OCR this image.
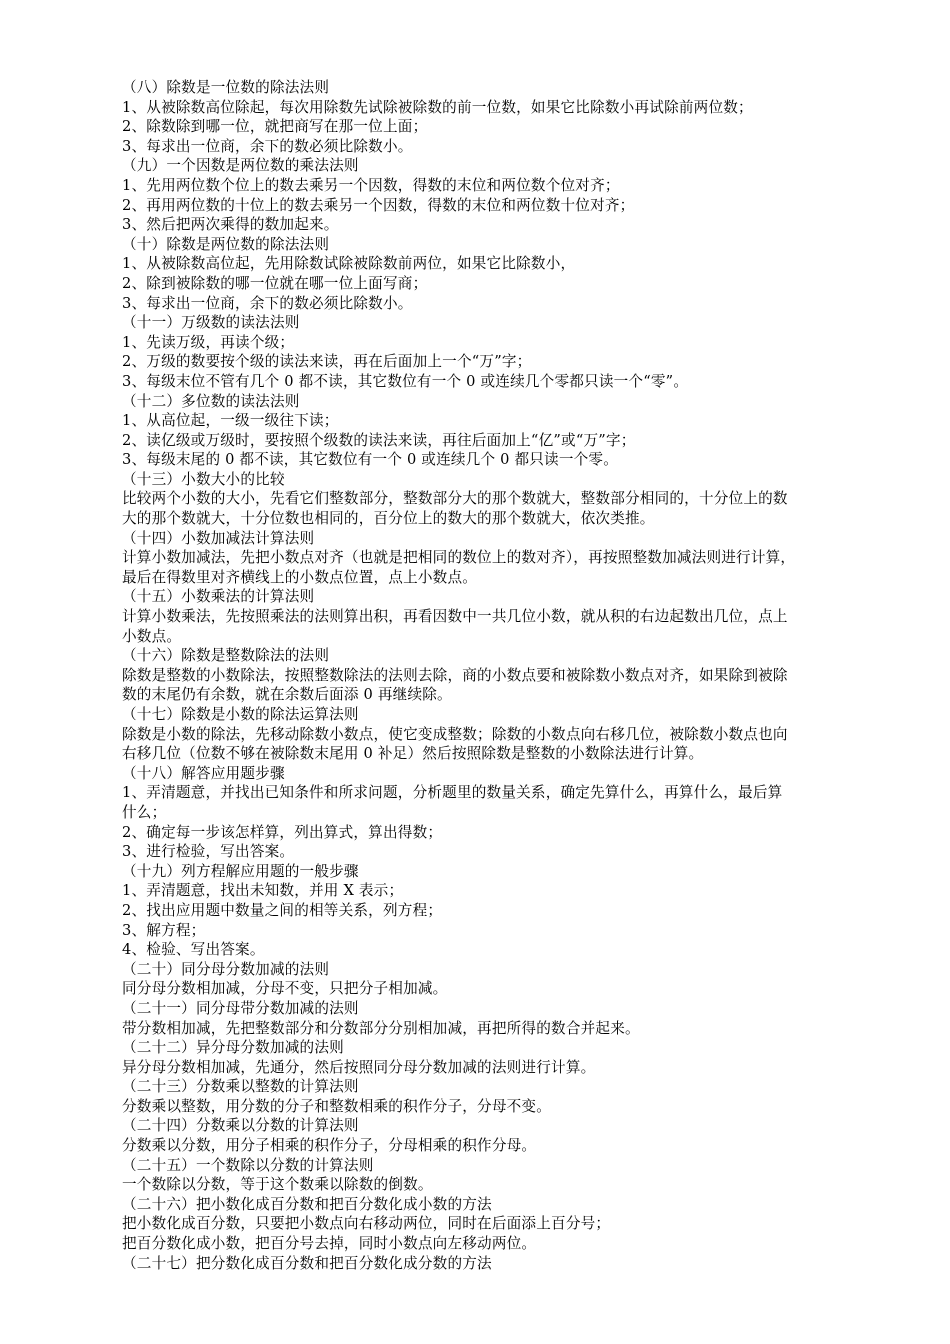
（八）除数是一位数的除法法则
1、从被除数高位除起，每次用除数先试除被除数的前一位数，如果它比除数小再试除前两位数；
2、除数除到哪一位，就把商写在那一位上面；
3、每求出一位商，余下的数必须比除数小。
（九）一个因数是两位数的乘法法则
1、先用两位数个位上的数去乘另一个因数，得数的末位和两位数个位对齐；
2、再用两位数的十位上的数去乘另一个因数，得数的末位和两位数十位对齐；
3、然后把两次乘得的数加起来。
（十）除数是两位数的除法法则
1、从被除数高位起，先用除数试除被除数前两位，如果它比除数小，
2、除到被除数的哪一位就在哪一位上面写商；
3、每求出一位商，余下的数必须比除数小。
（十一）万级数的读法法则
1、先读万级，再读个级；
2、万级的数要按个级的读法来读，再在后面加上一个“万”字；
3、每级末位不管有几个 0 都不读，其它数位有一个 0 或连续几个零都只读一个“零”。
（十二）多位数的读法法则
1、从高位起，一级一级往下读；
2、读亿级或万级时，要按照个级数的读法来读，再往后面加上“亿”或“万”字；
3、每级末尾的 0 都不读，其它数位有一个 0 或连续几个 0 都只读一个零。
（十三）小数大小的比较
比较两个小数的大小，先看它们整数部分，整数部分大的那个数就大，整数部分相同的，十分位上的数
大的那个数就大，十分位数也相同的，百分位上的数大的那个数就大，依次类推。
（十四）小数加减法计算法则
计算小数加减法，先把小数点对齐（也就是把相同的数位上的数对齐），再按照整数加减法则进行计算，
最后在得数里对齐横线上的小数点位置，点上小数点。
（十五）小数乘法的计算法则
计算小数乘法，先按照乘法的法则算出积，再看因数中一共几位小数，就从积的右边起数出几位，点上
小数点。
（十六）除数是整数除法的法则
除数是整数的小数除法，按照整数除法的法则去除，商的小数点要和被除数小数点对齐，如果除到被除
数的末尾仍有余数，就在余数后面添 0 再继续除。
（十七）除数是小数的除法运算法则
除数是小数的除法，先移动除数小数点，使它变成整数；除数的小数点向右移几位，被除数小数点也向
右移几位（位数不够在被除数末尾用 0 补足）然后按照除数是整数的小数除法进行计算。
（十八）解答应用题步骤
1、弄清题意，并找出已知条件和所求问题，分析题里的数量关系，确定先算什么，再算什么，最后算
什么；
2、确定每一步该怎样算，列出算式，算出得数；
3、进行检验，写出答案。
（十九）列方程解应用题的一般步骤
1、弄清题意，找出未知数，并用 X 表示；
2、找出应用题中数量之间的相等关系，列方程；
3、解方程；
4、检验、写出答案。
（二十）同分母分数加减的法则
同分母分数相加减，分母不变，只把分子相加减。
（二十一）同分母带分数加减的法则
带分数相加减，先把整数部分和分数部分分别相加减，再把所得的数合并起来。
（二十二）异分母分数加减的法则
异分母分数相加减，先通分，然后按照同分母分数加减的法则进行计算。
（二十三）分数乘以整数的计算法则
分数乘以整数，用分数的分子和整数相乘的积作分子，分母不变。
（二十四）分数乘以分数的计算法则
分数乘以分数，用分子相乘的积作分子，分母相乘的积作分母。
（二十五）一个数除以分数的计算法则
一个数除以分数，等于这个数乘以除数的倒数。
（二十六）把小数化成百分数和把百分数化成小数的方法
把小数化成百分数，只要把小数点向右移动两位，同时在后面添上百分号；
把百分数化成小数，把百分号去掉，同时小数点向左移动两位。
（二十七）把分数化成百分数和把百分数化成分数的方法
